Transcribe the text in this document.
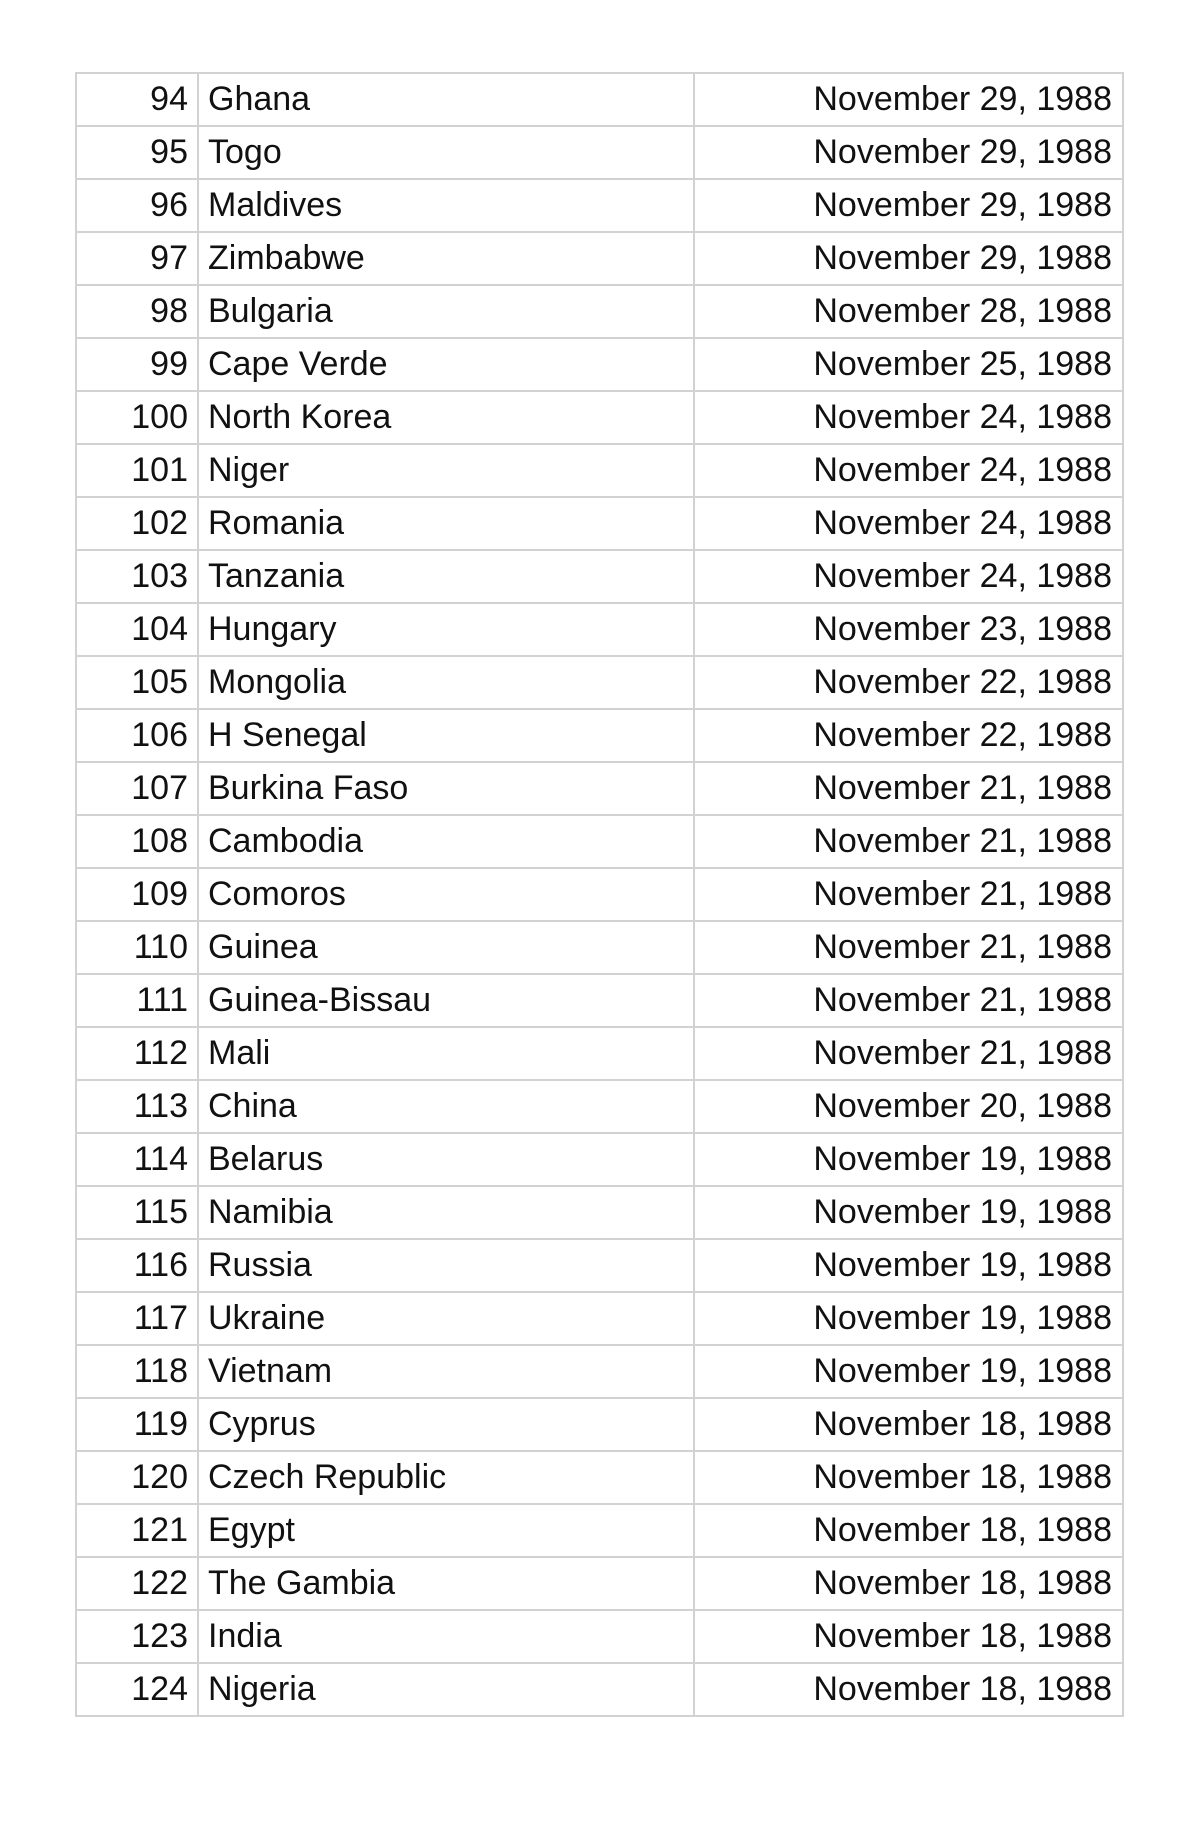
94	Ghana	November 29, 1988
95	Togo	November 29, 1988
96	Maldives	November 29, 1988
97	Zimbabwe	November 29, 1988
98	Bulgaria	November 28, 1988
99	Cape Verde	November 25, 1988
100	North Korea	November 24, 1988
101	Niger	November 24, 1988
102	Romania	November 24, 1988
103	Tanzania	November 24, 1988
104	Hungary	November 23, 1988
105	Mongolia	November 22, 1988
106	H Senegal	November 22, 1988
107	Burkina Faso	November 21, 1988
108	Cambodia	November 21, 1988
109	Comoros	November 21, 1988
110	Guinea	November 21, 1988
111	Guinea-Bissau	November 21, 1988
112	Mali	November 21, 1988
113	China	November 20, 1988
114	Belarus	November 19, 1988
115	Namibia	November 19, 1988
116	Russia	November 19, 1988
117	Ukraine	November 19, 1988
118	Vietnam	November 19, 1988
119	Cyprus	November 18, 1988
120	Czech Republic	November 18, 1988
121	Egypt	November 18, 1988
122	The Gambia	November 18, 1988
123	India	November 18, 1988
124	Nigeria	November 18, 1988
